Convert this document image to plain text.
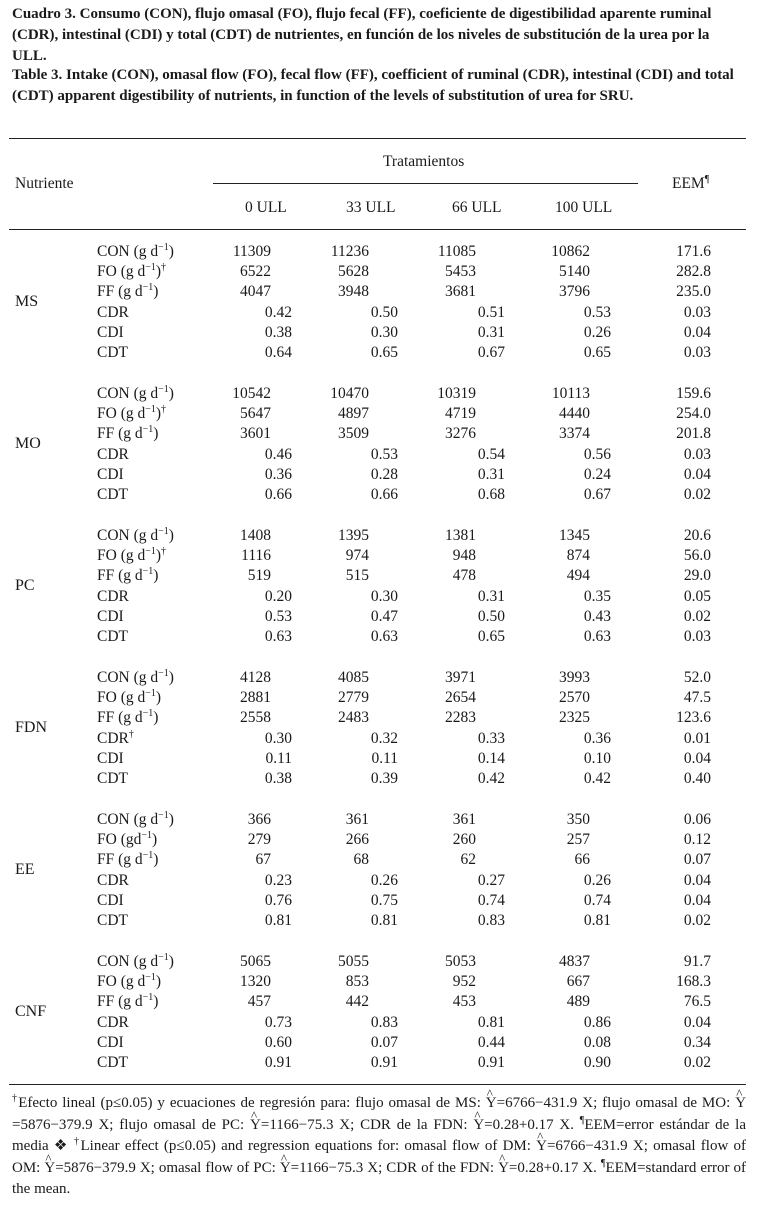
Cuadro 3. Consumo (CON), flujo omasal (FO), flujo fecal (FF), coeficiente de digestibilidad aparente ruminal (CDR), intestinal (CDI) y total (CDT) de nutrientes, en función de los niveles de substitución de la urea por la ULL.
Table 3. Intake (CON), omasal flow (FO), fecal flow (FF), coefficient of ruminal (CDR), intestinal (CDI) and total (CDT) apparent digestibility of nutrients, in function of the levels of substitution of urea for SRU.
Nutriente
Tratamientos
0 ULL	33 ULL	66 ULL	100 ULL
EEM¶
MS
CON (g $d^{-1}$)	11309	11236	11085	10862	171.6
FO (g $d^{-1})^\dagger$	6522	5628	5453	5140	282.8
FF (g $d^{-1}$)	4047	3948	3681	3796	235.0
CDR	0.42	0.50	0.51	0.53	0.03
CDI	0.38	0.30	0.31	0.26	0.04
CDT	0.64	0.65	0.67	0.65	0.03
MO
CON (g $d^{-1}$)	10542	10470	10319	10113	159.6
FO (g $d^{-1})^\dagger$	5647	4897	4719	4440	254.0
FF (g $d^{-1}$)	3601	3509	3276	3374	201.8
CDR	0.46	0.53	0.54	0.56	0.03
CDI	0.36	0.28	0.31	0.24	0.04
CDT	0.66	0.66	0.68	0.67	0.02
PC
CON (g $d^{-1}$)	1408	1395	1381	1345	20.6
FO (g $d^{-1})^\dagger$	1116	974	948	874	56.0
FF (g $d^{-1}$)	519	515	478	494	29.0
CDR	0.20	0.30	0.31	0.35	0.05
CDI	0.53	0.47	0.50	0.43	0.02
CDT	0.63	0.63	0.65	0.63	0.03
FDN
CON (g $d^{-1}$)	4128	4085	3971	3993	52.0
FO (g $d^{-1}$)	2881	2779	2654	2570	47.5
FF (g $d^{-1}$)	2558	2483	2283	2325	123.6
CDR†	0.30	0.32	0.33	0.36	0.01
CDI	0.11	0.11	0.14	0.10	0.04
CDT	0.38	0.39	0.42	0.42	0.40
EE
CON (g $d^{-1}$)	366	361	361	350	0.06
FO $(gd^{-1})$	279	266	260	257	0.12
FF (g $d^{-1}$)	67	68	62	66	0.07
CDR	0.23	0.26	0.27	0.26	0.04
CDI	0.76	0.75	0.74	0.74	0.04
CDT	0.81	0.81	0.83	0.81	0.02
CNF
CON (g $d^{-1}$)	5065	5055	5053	4837	91.7
FO (g $d^{-1}$)	1320	853	952	667	168.3
FF (g $d^{-1}$)	457	442	453	489	76.5
CDR	0.73	0.83	0.81	0.86	0.04
CDI	0.60	0.07	0.44	0.08	0.34
CDT	0.91	0.91	0.91	0.90	0.02
†Efecto lineal (p≤0.05) y ecuaciones de regresión para: flujo omasal de MS: ^ Y=6766−431.9 X; flujo omasal de MO: ^ Y=5876−379.9 X; flujo omasal de PC: ^ Y=1166−75.3 X; CDR de la FDN: ^ Y=0.28+0.17 X. ¶EEM=error estándar de la media ❖ †Linear effect (p≤0.05) and regression equations for: omasal flow of DM: ^ Y=6766−431.9 X; omasal flow of OM: ^ Y=5876−379.9 X; omasal flow of PC: ^ Y=1166−75.3 X; CDR of the FDN: ^ Y=0.28+0.17 X. ¶EEM=standard error of the mean.
